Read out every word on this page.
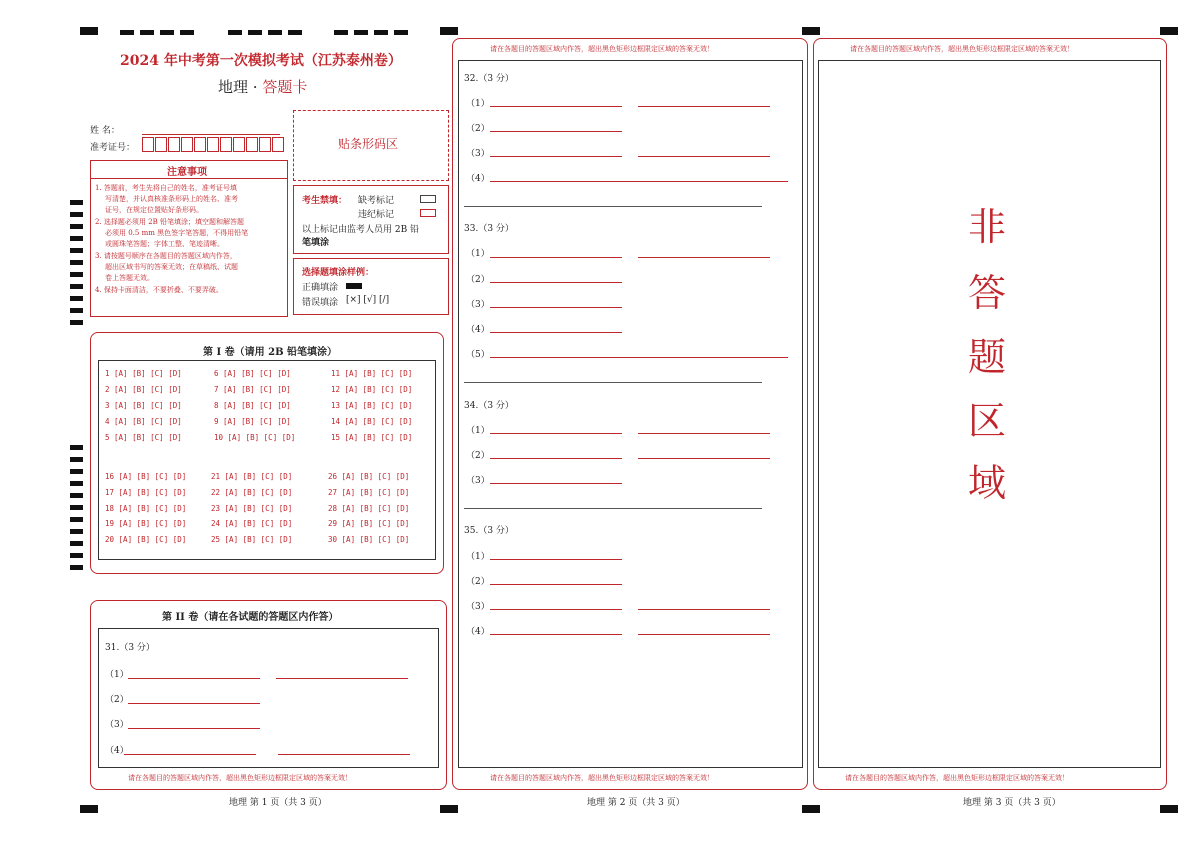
2024 年中考第一次模拟考试（江苏泰州卷）
地理 · 答题卡
姓 名：
准考证号：	贴条形码区
注意事项
1. 答题前，考生先将自己的姓名，准考证号填
写清楚，并认真核准条形码上的姓名、准考
证号，在规定位置贴好条形码。
2. 选择题必须用 2B 铅笔填涂；填空题和解答题
必须用 0.5 mm 黑色签字笔答题，不得用铅笔
或圆珠笔答题；字体工整、笔迹清晰。
3. 请按题号顺序在各题目的答题区域内作答，
超出区域书写的答案无效；在草稿纸、试题
卷上答题无效。
4. 保持卡面清洁，不要折叠、不要弄破。
考生禁填： 缺考标记
违纪标记
以上标记由监考人员用 2B 铅
笔填涂
选择题填涂样例：
正确填涂
错误填涂 [×] [√] [/]
第 I 卷（请用 2B 铅笔填涂）
1 [A] [B] [C] [D]	6 [A] [B] [C] [D]	11 [A] [B] [C] [D]
2 [A] [B] [C] [D]	7 [A] [B] [C] [D]	12 [A] [B] [C] [D]
3 [A] [B] [C] [D]	8 [A] [B] [C] [D]	13 [A] [B] [C] [D]
4 [A] [B] [C] [D]	9 [A] [B] [C] [D]	14 [A] [B] [C] [D]
5 [A] [B] [C] [D]	10 [A] [B] [C] [D]	15 [A] [B] [C] [D]
16 [A] [B] [C] [D]	21 [A] [B] [C] [D]	26 [A] [B] [C] [D]
17 [A] [B] [C] [D]	22 [A] [B] [C] [D]	27 [A] [B] [C] [D]
18 [A] [B] [C] [D]	23 [A] [B] [C] [D]	28 [A] [B] [C] [D]
19 [A] [B] [C] [D]	24 [A] [B] [C] [D]	29 [A] [B] [C] [D]
20 [A] [B] [C] [D]	25 [A] [B] [C] [D]	30 [A] [B] [C] [D]
第 II 卷（请在各试题的答题区内作答）
31.（3 分）
（1）
（2）
（3）
（4）
请在各题目的答题区域内作答，超出黑色矩形边框限定区域的答案无效！
地理 第 1 页（共 3 页）
请在各题目的答题区域内作答，超出黑色矩形边框限定区域的答案无效！
32.（3 分）
（1）
（2）
（3）
（4）
33.（3 分）
（1）
（2）
（3）
（4）
（5）
34.（3 分）
（1）
（2）
（3）
35.（3 分）
（1）
（2）
（3）
（4）
请在各题目的答题区域内作答，超出黑色矩形边框限定区域的答案无效！
地理 第 2 页（共 3 页）
请在各题目的答题区域内作答，超出黑色矩形边框限定区域的答案无效！
非
答
题
区
域
请在各题目的答题区域内作答，超出黑色矩形边框限定区域的答案无效！
地理 第 3 页（共 3 页）
